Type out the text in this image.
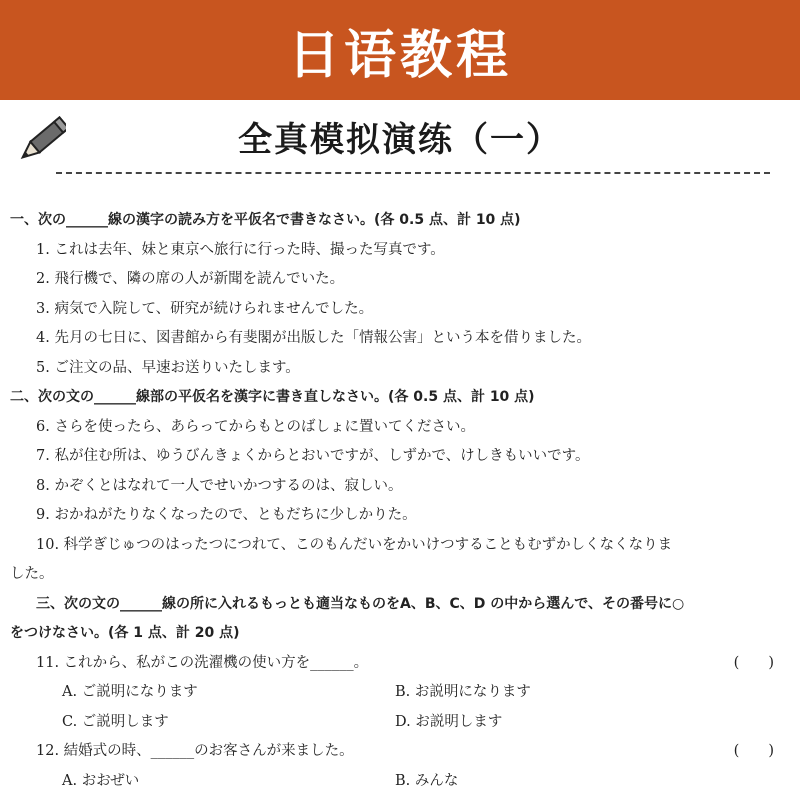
日语教程
全真模拟演练（一）
一、次の______線の漢字の読み方を平仮名で書きなさい。(各 0.5 点、計 10 点)
1. これは去年、妹と東京へ旅行に行った時、撮った写真です。
2. 飛行機で、隣の席の人が新聞を読んでいた。
3. 病気で入院して、研究が続けられませんでした。
4. 先月の七日に、図書館から有斐閣が出版した「情報公害」という本を借りました。
5. ご注文の品、早速お送りいたします。
二、次の文の______線部の平仮名を漢字に書き直しなさい。(各 0.5 点、計 10 点)
6. さらを使ったら、あらってからもとのばしょに置いてください。
7. 私が住む所は、ゆうびんきょくからとおいですが、しずかで、けしきもいいです。
8. かぞくとはなれて一人でせいかつするのは、寂しい。
9. おかねがたりなくなったので、ともだちに少しかりた。
10. 科学ぎじゅつのはったつにつれて、このもんだいをかいけつすることもむずかしくなくなりま
した。
三、次の文の______線の所に入れるもっとも適当なものをA、B、C、D の中から選んで、その番号に○
をつけなさい。(各 1 点、計 20 点)
11. これから、私がこの洗濯機の使い方を______。	(　　)
A. ご説明になります	B. お説明になります
C. ご説明します	D. お説明します
12. 結婚式の時、______のお客さんが来ました。	(　　)
A. おおぜい	B. みんな
